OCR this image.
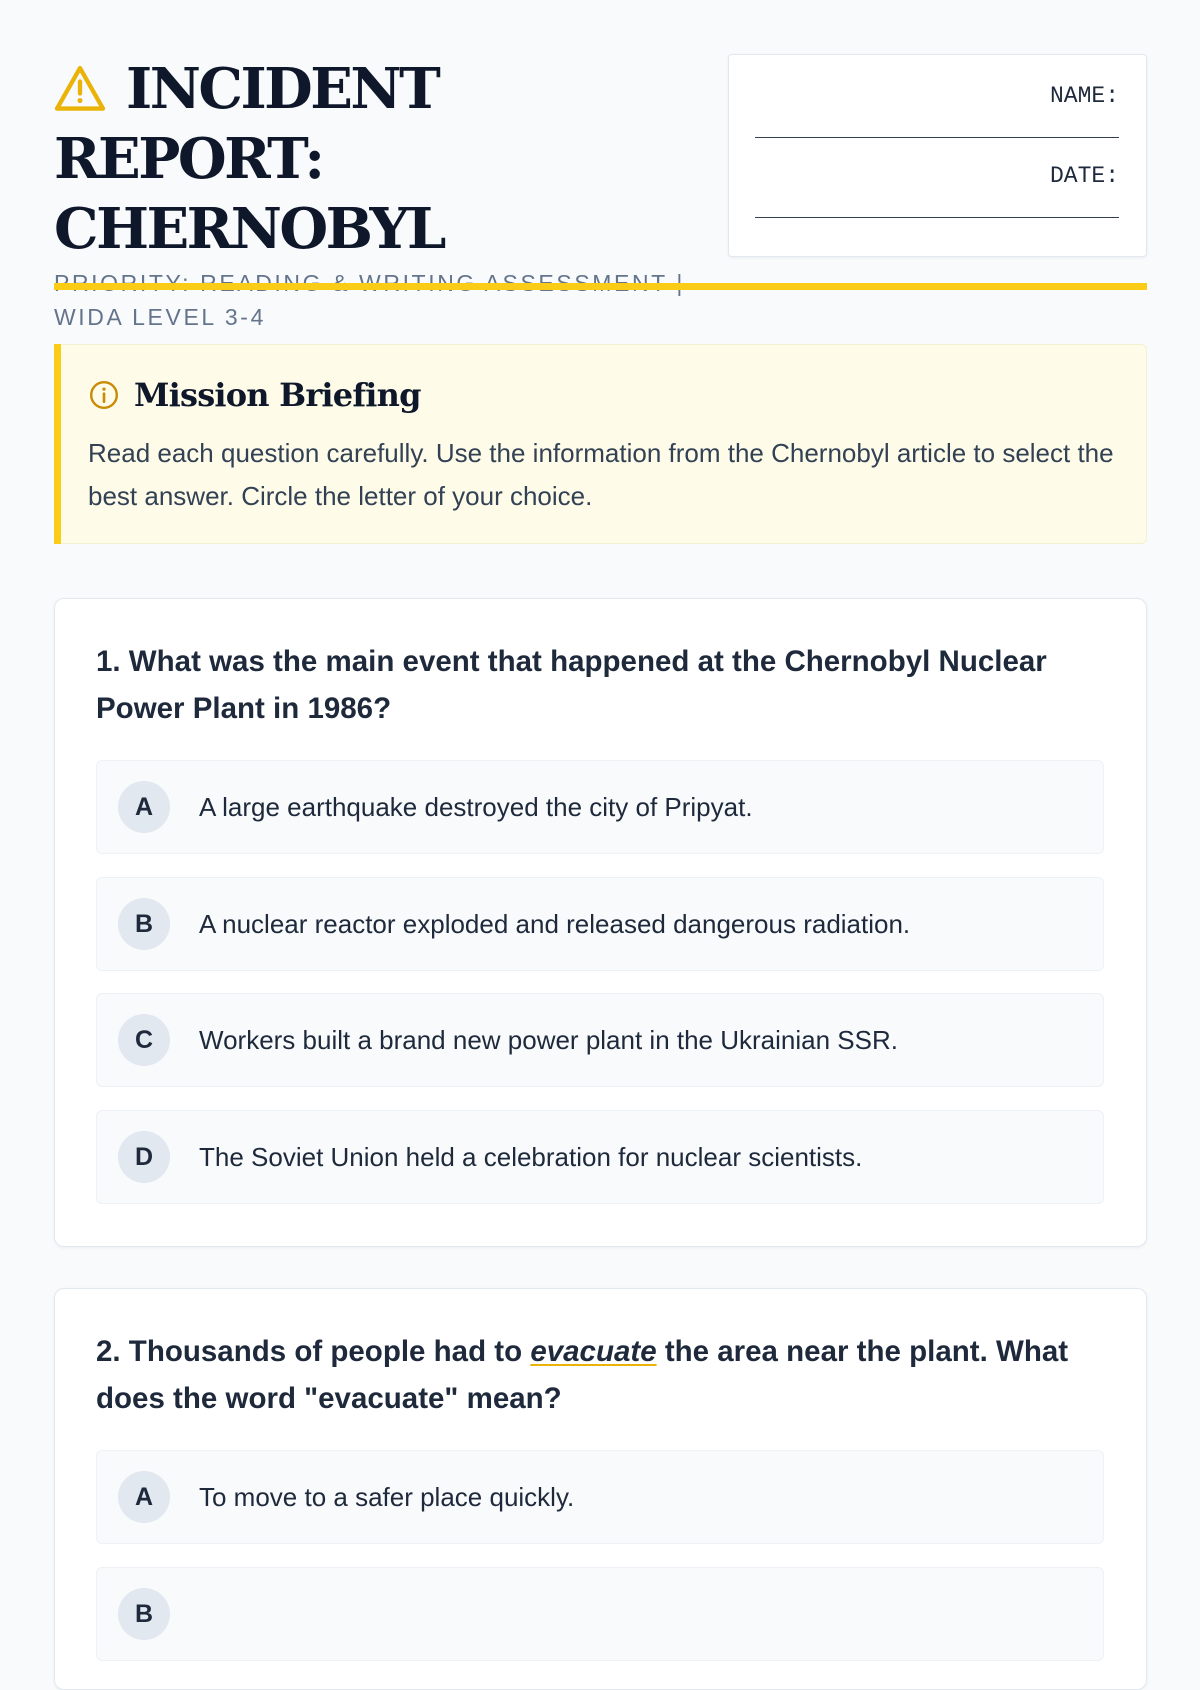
INCIDENT
REPORT: CHERNOBYL
WIDA LEVEL 3-4
NAME:
DATE:
Mission Briefing
Read each question carefully. Use the information from the Chernobyl article to select the best answer. Circle the letter of your choice.
1. What was the main event that happened at the Chernobyl Nuclear Power Plant in 1986?
A	A large earthquake destroyed the city of Pripyat.
B	A nuclear reactor exploded and released dangerous radiation.
C	Workers built a brand new power plant in the Ukrainian SSR.
D	The Soviet Union held a celebration for nuclear scientists.
2. Thousands of people had to evacuate the area near the plant. What does the word "evacuate" mean?
A	To move to a safer place quickly.
B
